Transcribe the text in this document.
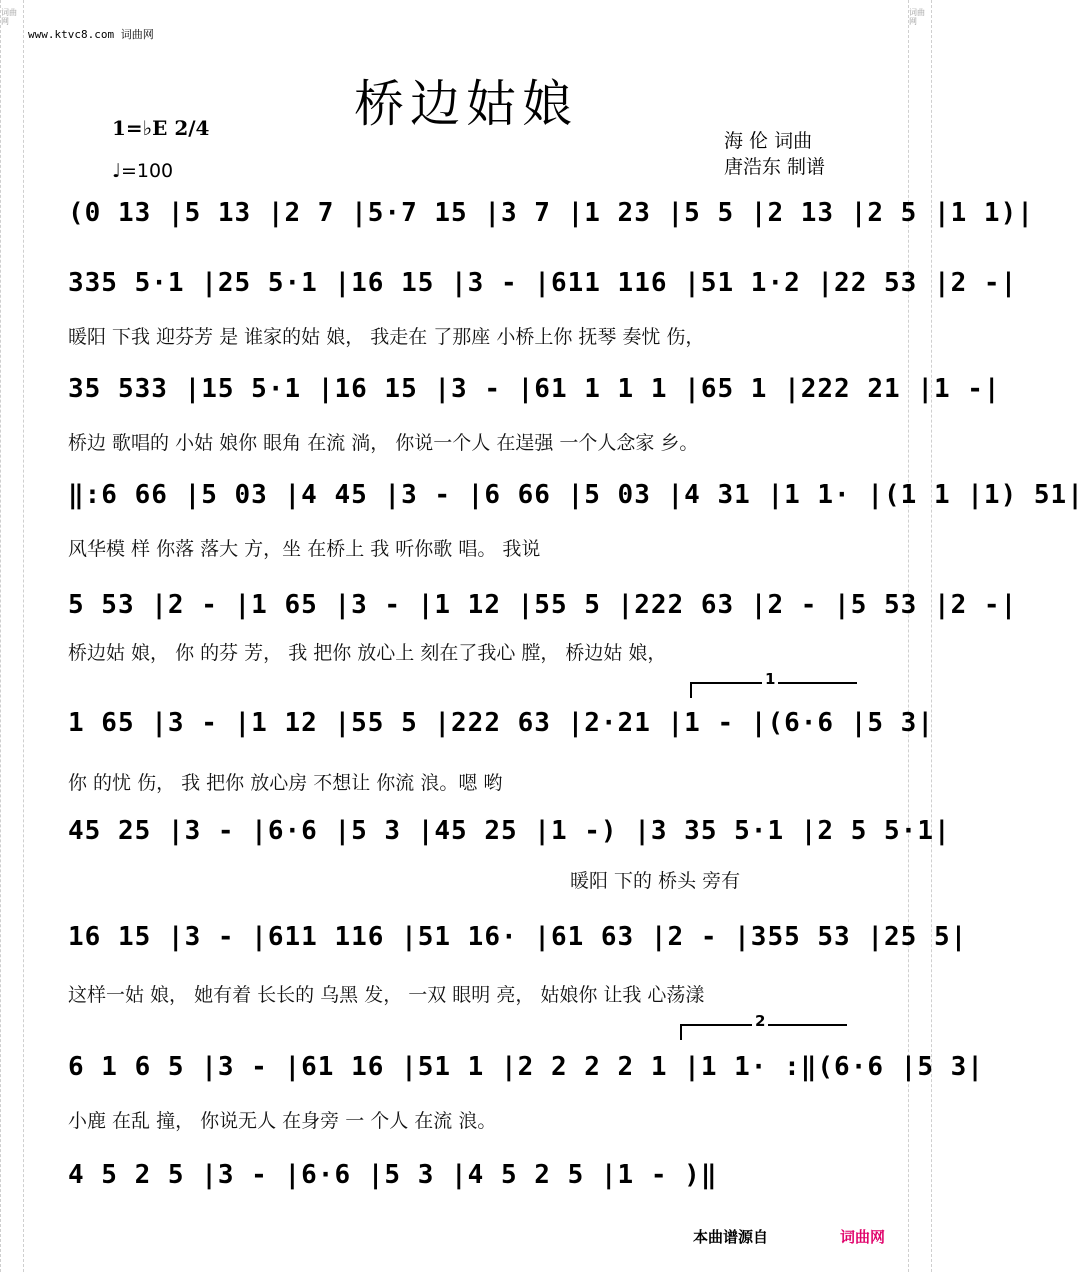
词曲网
词曲网
www.ktvc8.com 词曲网
桥边姑娘
1=♭E 2/4
♩=100
海 伦 词曲
唐浩东 制谱
(0 13 |5 13 |2 7 |5·7 15 |3 7 |1 23 |5 5 |2 13 |2 5 |1 1)|
335 5·1 |25 5·1 |16 15 |3 - |611 116 |51 1·2 |22 53 |2 -|
暖阳 下我 迎芬芳 是 谁家的姑 娘， 我走在 了那座 小桥上你 抚琴 奏忧 伤，
35 533 |15 5·1 |16 15 |3 - |61 1 1 1 |65 1 |222 21 |1 -|
桥边 歌唱的 小姑 娘你 眼角 在流 淌， 你说一个人 在逞强 一个人念家 乡。
‖:6 66 |5 03 |4 45 |3 - |6 66 |5 03 |4 31 |1 1· |(1 1 |1) 51|
风华模 样 你落 落大 方，坐 在桥上 我 听你歌 唱。 我说
5 53 |2 - |1 65 |3 - |1 12 |55 5 |222 63 |2 - |5 53 |2 -|
桥边姑 娘， 你 的芬 芳， 我 把你 放心上 刻在了我心 膛， 桥边姑 娘，
1
1 65 |3 - |1 12 |55 5 |222 63 |2·21 |1 - |(6·6 |5 3|
你 的忧 伤， 我 把你 放心房 不想让 你流 浪。嗯 哟
45 25 |3 - |6·6 |5 3 |45 25 |1 -) |3 35 5·1 |2 5 5·1|
暖阳 下的 桥头 旁有
16 15 |3 - |611 116 |51 16· |61 63 |2 - |355 53 |25 5|
这样一姑 娘， 她有着 长长的 乌黑 发， 一双 眼明 亮， 姑娘你 让我 心荡漾
2
6 1 6 5 |3 - |61 16 |51 1 |2 2 2 2 1 |1 1· :‖(6·6 |5 3|
小鹿 在乱 撞， 你说无人 在身旁 一 个人 在流 浪。
4 5 2 5 |3 - |6·6 |5 3 |4 5 2 5 |1 - )‖
本曲谱源自	词曲网
